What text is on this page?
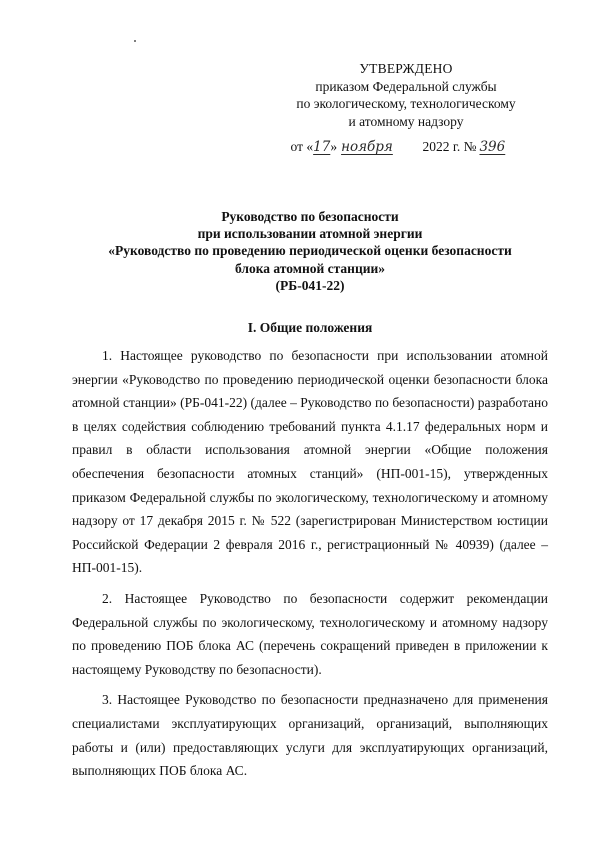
УТВЕРЖДЕНО
приказом Федеральной службы
по экологическому, технологическому
и атомному надзору
от «17» ноября 2022 г. № 396
Руководство по безопасности
при использовании атомной энергии
«Руководство по проведению периодической оценки безопасности
блока атомной станции»
(РБ-041-22)
I. Общие положения

1. Настоящее руководство по безопасности при использовании атомной энергии «Руководство по проведению периодической оценки безопасности блока атомной станции» (РБ-041-22) (далее – Руководство по безопасности) разработано в целях содействия соблюдению требований пункта 4.1.17 федеральных норм и правил в области использования атомной энергии «Общие положения обеспечения безопасности атомных станций» (НП-001-15), утвержденных приказом Федеральной службы по экологическому, технологическому и атомному надзору от 17 декабря 2015 г. № 522 (зарегистрирован Министерством юстиции Российской Федерации 2 февраля 2016 г., регистрационный № 40939) (далее – НП-001-15).

2. Настоящее Руководство по безопасности содержит рекомендации Федеральной службы по экологическому, технологическому и атомному надзору по проведению ПОБ блока АС (перечень сокращений приведен в приложении к настоящему Руководству по безопасности).

3. Настоящее Руководство по безопасности предназначено для применения специалистами эксплуатирующих организаций, организаций, выполняющих работы и (или) предоставляющих услуги для эксплуатирующих организаций, выполняющих ПОБ блока АС.
